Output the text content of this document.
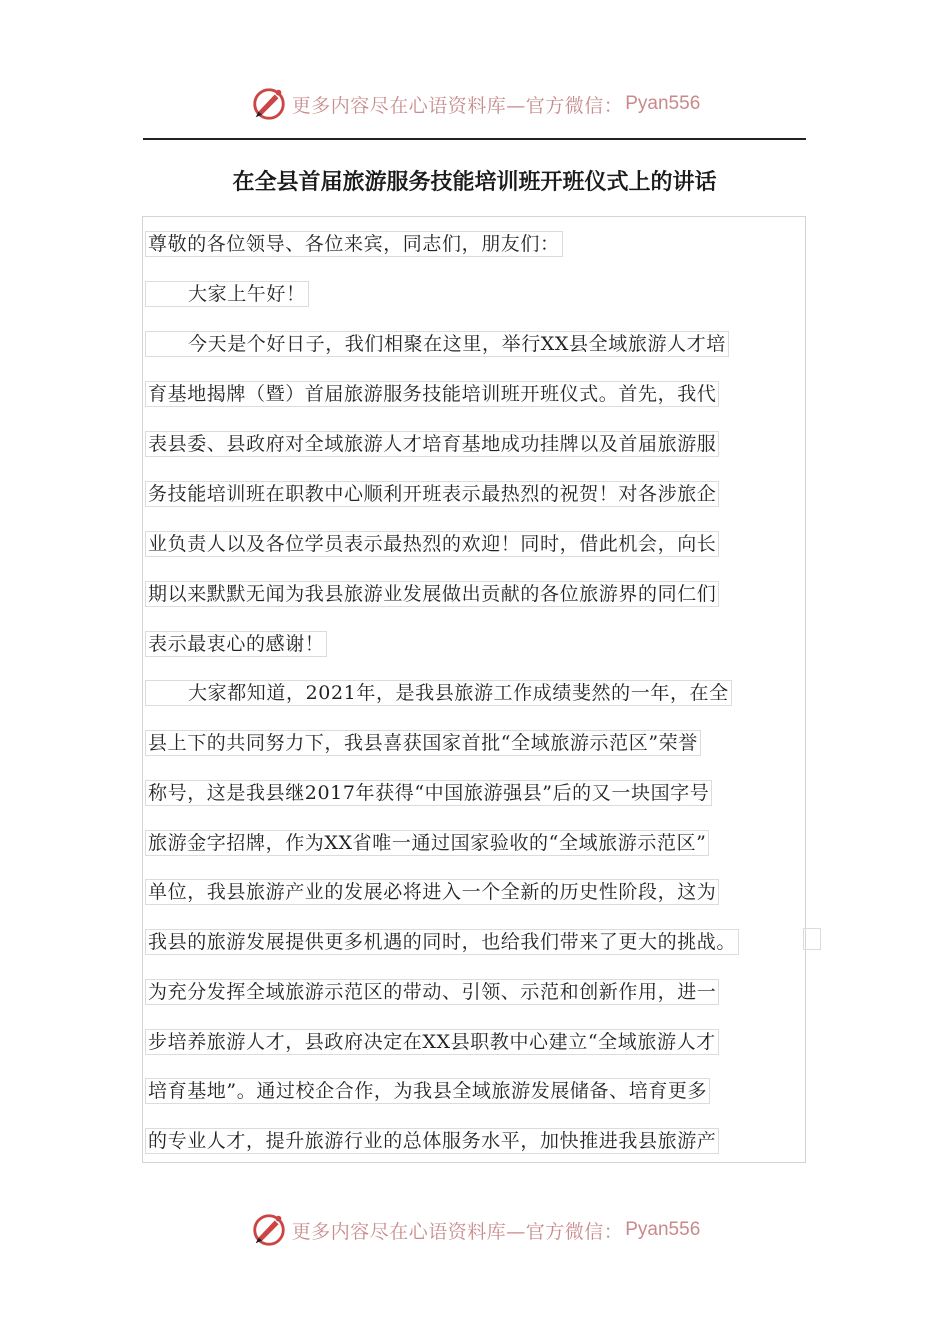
更多内容尽在心语资料库—官方微信： Pyan556
在全县首届旅游服务技能培训班开班仪式上的讲话
尊敬的各位领导、各位来宾，同志们，朋友们：
大家上午好！
今天是个好日子，我们相聚在这里，举行XX县全域旅游人才培
育基地揭牌（暨）首届旅游服务技能培训班开班仪式。首先，我代
表县委、县政府对全域旅游人才培育基地成功挂牌以及首届旅游服
务技能培训班在职教中心顺利开班表示最热烈的祝贺！对各涉旅企
业负责人以及各位学员表示最热烈的欢迎！同时，借此机会，向长
期以来默默无闻为我县旅游业发展做出贡献的各位旅游界的同仁们
表示最衷心的感谢！
大家都知道，2021年，是我县旅游工作成绩斐然的一年，在全
县上下的共同努力下，我县喜获国家首批“全域旅游示范区”荣誉
称号，这是我县继2017年获得“中国旅游强县”后的又一块国字号
旅游金字招牌，作为XX省唯一通过国家验收的“全域旅游示范区”
单位，我县旅游产业的发展必将进入一个全新的历史性阶段，这为
我县的旅游发展提供更多机遇的同时，也给我们带来了更大的挑战。
为充分发挥全域旅游示范区的带动、引领、示范和创新作用，进一
步培养旅游人才，县政府决定在XX县职教中心建立“全域旅游人才
培育基地”。通过校企合作，为我县全域旅游发展储备、培育更多
的专业人才，提升旅游行业的总体服务水平，加快推进我县旅游产
更多内容尽在心语资料库—官方微信： Pyan556
